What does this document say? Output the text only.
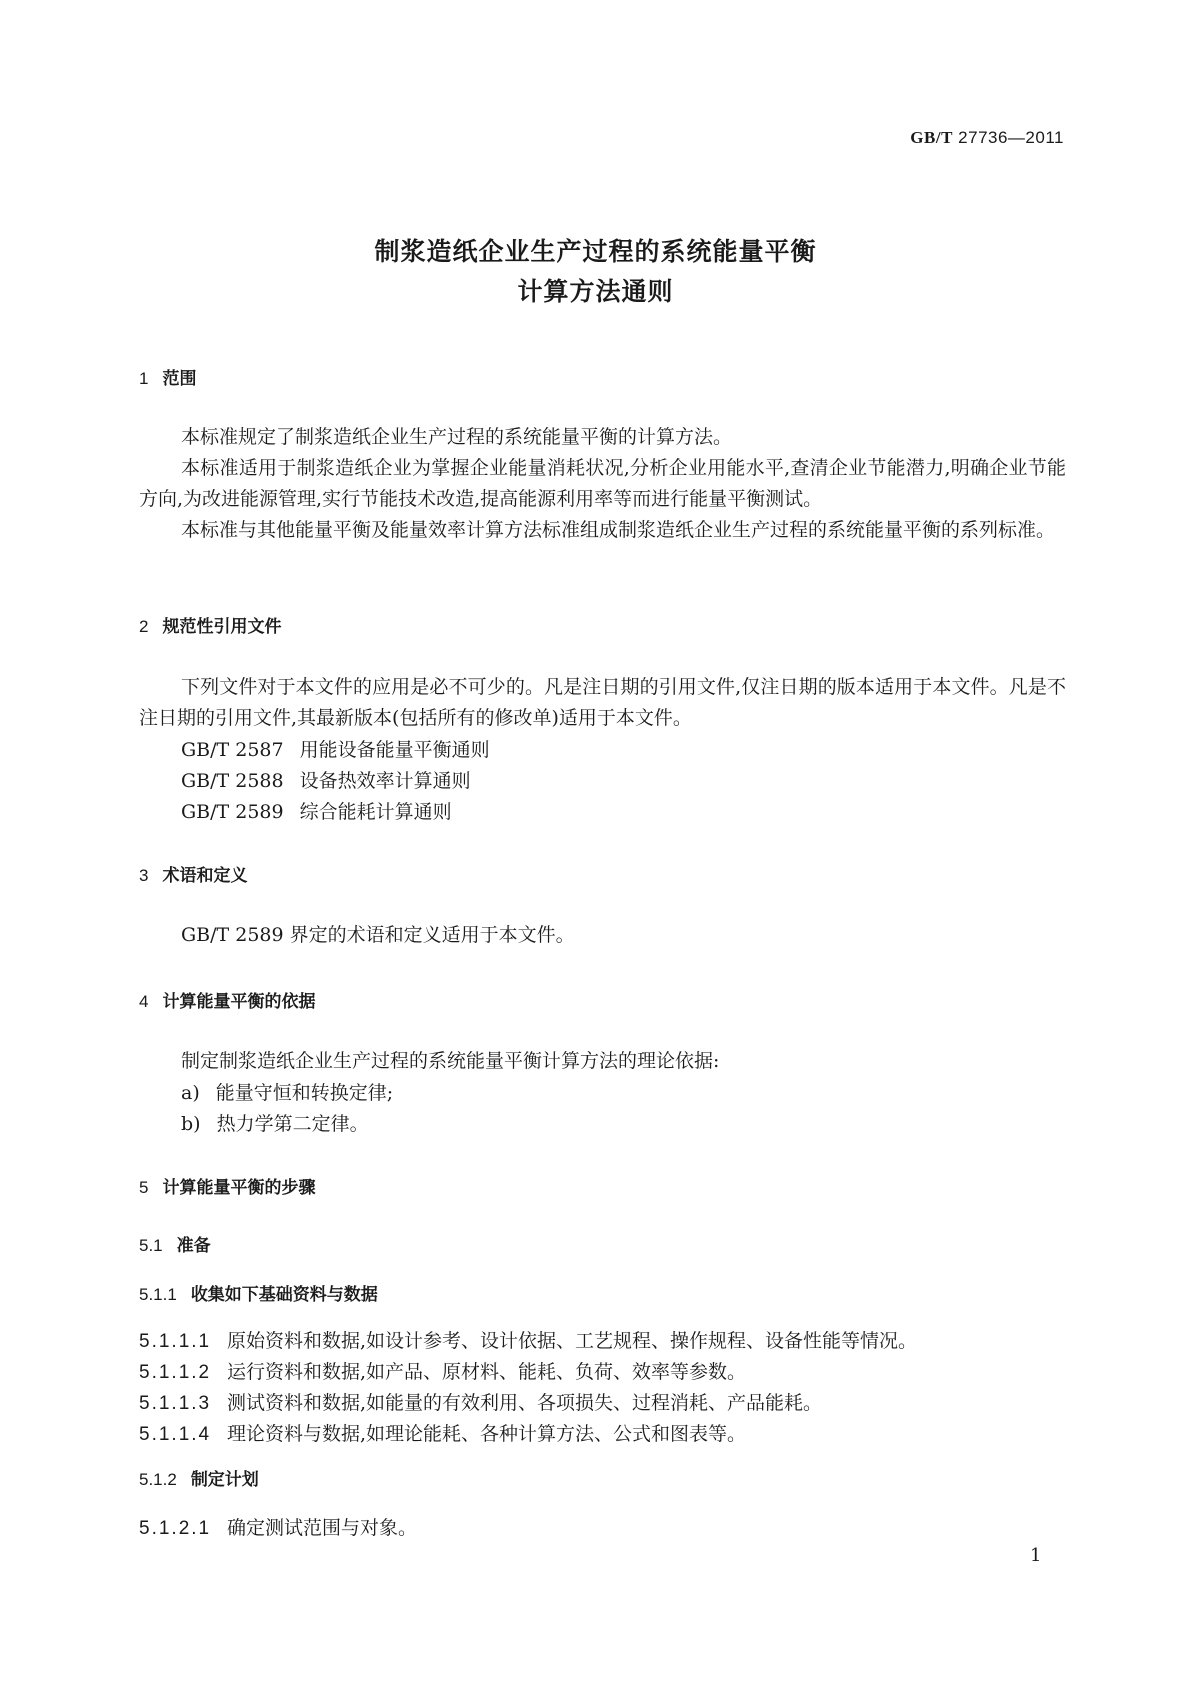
GB/T 27736—2011
制浆造纸企业生产过程的系统能量平衡
计算方法通则
1 范围
本标准规定了制浆造纸企业生产过程的系统能量平衡的计算方法。
本标准适用于制浆造纸企业为掌握企业能量消耗状况,分析企业用能水平,查清企业节能潜力,明确企业节能方向,为改进能源管理,实行节能技术改造,提高能源利用率等而进行能量平衡测试。
本标准与其他能量平衡及能量效率计算方法标准组成制浆造纸企业生产过程的系统能量平衡的系列标准。
2 规范性引用文件
下列文件对于本文件的应用是必不可少的。凡是注日期的引用文件,仅注日期的版本适用于本文件。凡是不注日期的引用文件,其最新版本(包括所有的修改单)适用于本文件。
GB/T 2587 用能设备能量平衡通则
GB/T 2588 设备热效率计算通则
GB/T 2589 综合能耗计算通则
3 术语和定义
GB/T 2589 界定的术语和定义适用于本文件。
4 计算能量平衡的依据
制定制浆造纸企业生产过程的系统能量平衡计算方法的理论依据:
a) 能量守恒和转换定律;
b) 热力学第二定律。
5 计算能量平衡的步骤
5.1 准备
5.1.1 收集如下基础资料与数据
5.1.1.1 原始资料和数据,如设计参考、设计依据、工艺规程、操作规程、设备性能等情况。
5.1.1.2 运行资料和数据,如产品、原材料、能耗、负荷、效率等参数。
5.1.1.3 测试资料和数据,如能量的有效利用、各项损失、过程消耗、产品能耗。
5.1.1.4 理论资料与数据,如理论能耗、各种计算方法、公式和图表等。
5.1.2 制定计划
5.1.2.1 确定测试范围与对象。
1
